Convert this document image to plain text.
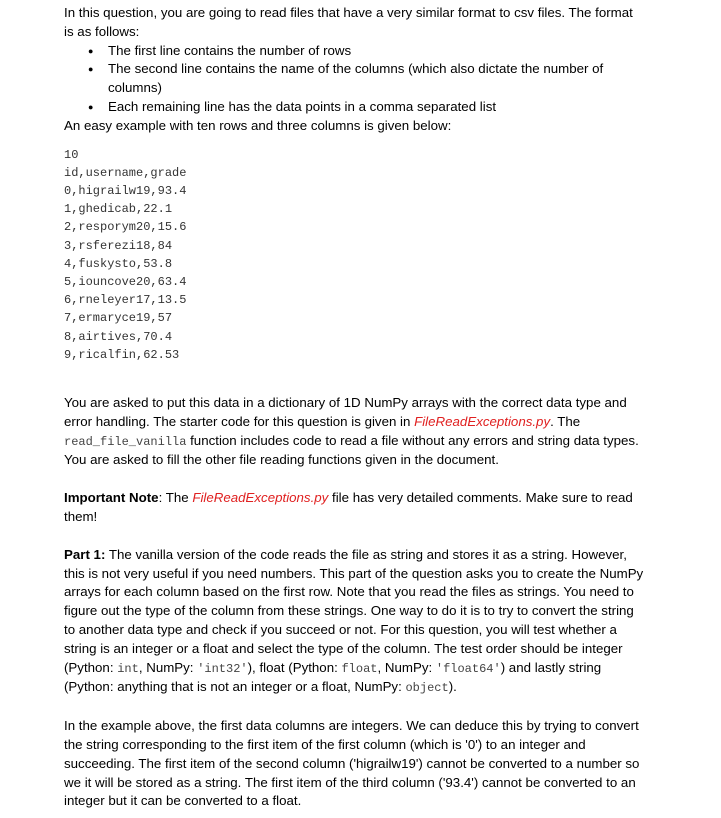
In this question, you are going to read files that have a very similar format to csv files. The format is as follows:

● The first line contains the number of rows
● The second line contains the name of the columns (which also dictate the number of columns)
● Each remaining line has the data points in a comma separated list

An easy example with ten rows and three columns is given below:

10
id,username,grade
0,higrailw19,93.4
1,ghedicab,22.1
2,resporym20,15.6
3,rsferezi18,84
4,fuskysto,53.8
5,iouncove20,63.4
6,rneleyer17,13.5
7,ermaryce19,57
8,airtives,70.4
9,ricalfin,62.53

You are asked to put this data in a dictionary of 1D NumPy arrays with the correct data type and error handling. The starter code for this question is given in FileReadExceptions.py. The read_file_vanilla function includes code to read a file without any errors and string data types. You are asked to fill the other file reading functions given in the document.

Important Note: The FileReadExceptions.py file has very detailed comments. Make sure to read them!

Part 1: The vanilla version of the code reads the file as string and stores it as a string. However, this is not very useful if you need numbers. This part of the question asks you to create the NumPy arrays for each column based on the first row. Note that you read the files as strings. You need to figure out the type of the column from these strings. One way to do it is to try to convert the string to another data type and check if you succeed or not. For this question, you will test whether a string is an integer or a float and select the type of the column. The test order should be integer (Python: int, NumPy: 'int32'), float (Python: float, NumPy: 'float64') and lastly string (Python: anything that is not an integer or a float, NumPy: object).

In the example above, the first data columns are integers. We can deduce this by trying to convert the string corresponding to the first item of the first column (which is '0') to an integer and succeeding. The first item of the second column ('higrailw19') cannot be converted to a number so we it will be stored as a string. The first item of the third column ('93.4') cannot be converted to an integer but it can be converted to a float.
